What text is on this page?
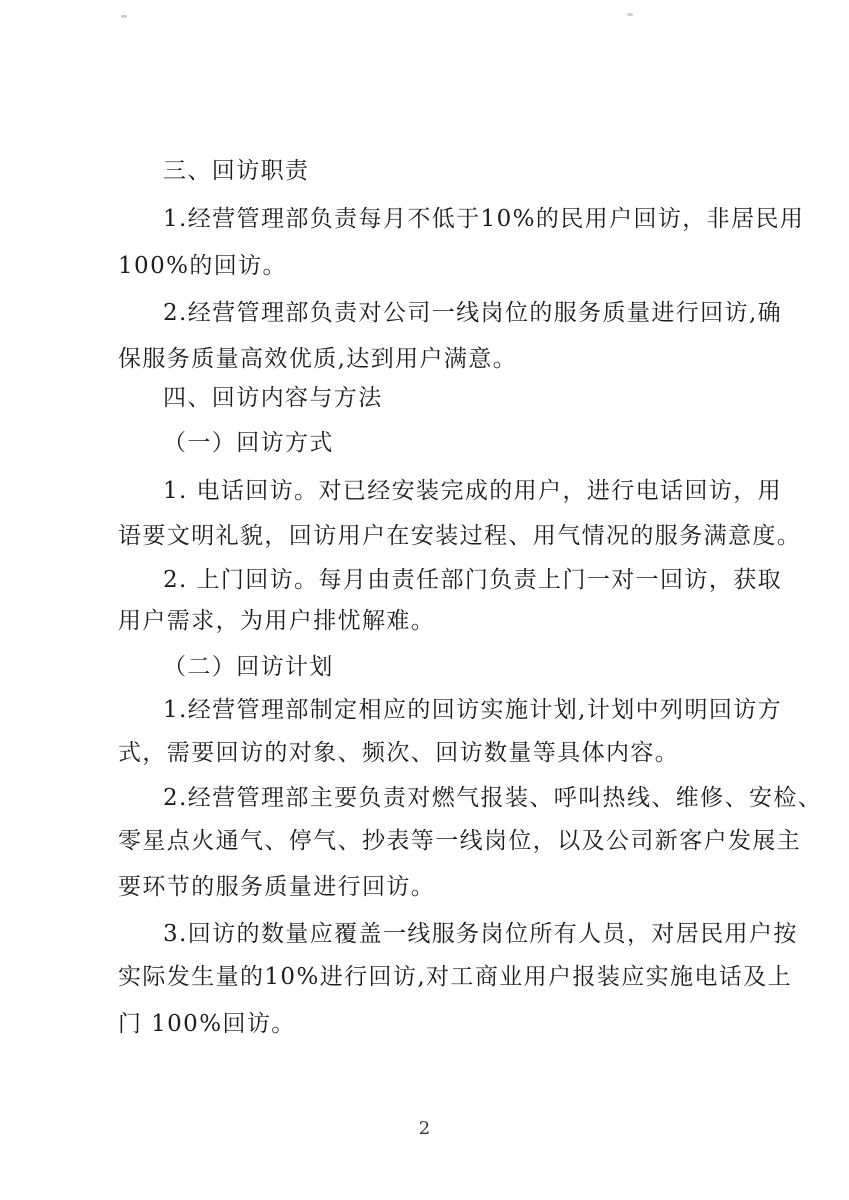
三、回访职责
1.经营管理部负责每月不低于10%的民用户回访，非居民用
100%的回访。
2.经营管理部负责对公司一线岗位的服务质量进行回访,确
保服务质量高效优质,达到用户满意。
四、回访内容与方法
（一）回访方式
1. 电话回访。对已经安装完成的用户，进行电话回访，用
语要文明礼貌，回访用户在安装过程、用气情况的服务满意度。
2. 上门回访。每月由责任部门负责上门一对一回访，获取
用户需求，为用户排忧解难。
（二）回访计划
1.经营管理部制定相应的回访实施计划,计划中列明回访方
式，需要回访的对象、频次、回访数量等具体内容。
2.经营管理部主要负责对燃气报装、呼叫热线、维修、安检、
零星点火通气、停气、抄表等一线岗位，以及公司新客户发展主
要环节的服务质量进行回访。
3.回访的数量应覆盖一线服务岗位所有人员，对居民用户按
实际发生量的10%进行回访,对工商业用户报装应实施电话及上
门 100%回访。
2
